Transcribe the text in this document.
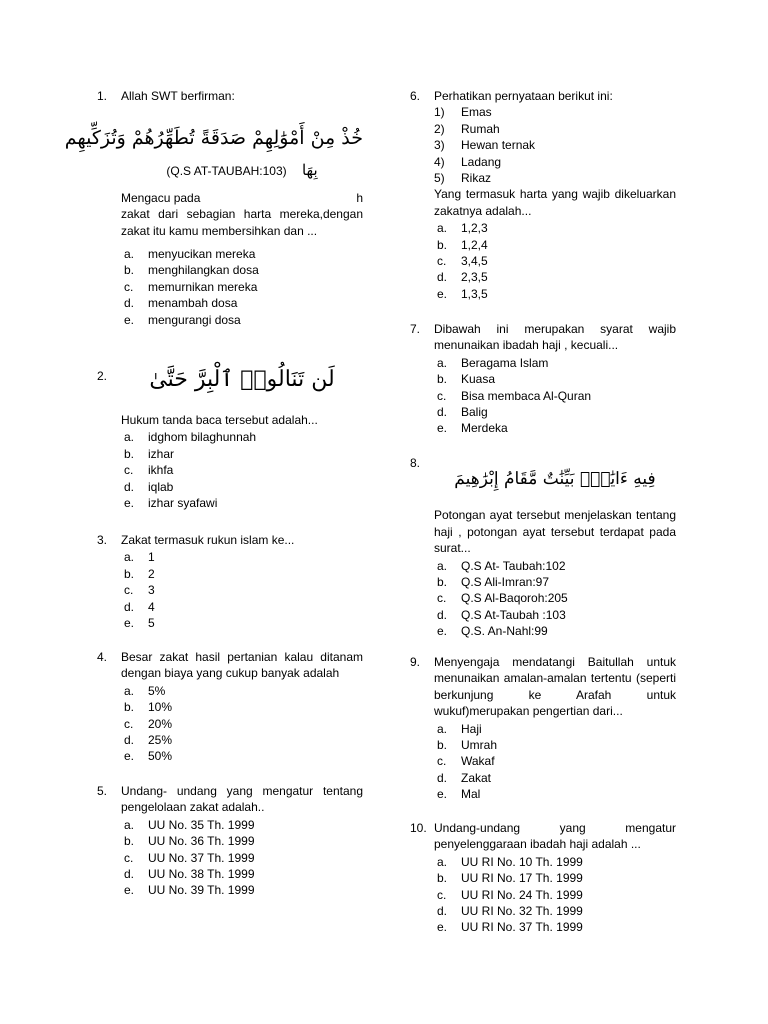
1.	Allah SWT berfirman:
خُذْ مِنْ أَمْوَٰلِهِمْ صَدَقَةً تُطَهِّرُهُمْ وَتُزَكِّيهِم
(Q.S AT-TAUBAH:103) بِهَا
Mengacu pada	h
zakat dari sebagian harta mereka,dengan zakat itu kamu membersihkan dan ...
a.	menyucikan mereka
b.	menghilangkan dosa
c.	memurnikan mereka
d.	menambah dosa
e.	mengurangi dosa
2.	لَن تَنَالُوا۟ ٱلْبِرَّ حَتَّىٰ
Hukum tanda baca tersebut adalah...
a.	idghom bilaghunnah
b.	izhar
c.	ikhfa
d.	iqlab
e.	izhar syafawi
3.	Zakat termasuk rukun islam ke...
a.	1
b.	2
c.	3
d.	4
e.	5
4.	Besar zakat hasil pertanian kalau ditanam dengan biaya yang cukup banyak adalah
a.	5%
b.	10%
c.	20%
d.	25%
e.	50%
5.	Undang- undang yang mengatur tentang pengelolaan zakat adalah..
a.	UU No. 35 Th. 1999
b.	UU No. 36 Th. 1999
c.	UU No. 37 Th. 1999
d.	UU No. 38 Th. 1999
e.	UU No. 39 Th. 1999
6.	Perhatikan pernyataan berikut ini:
1)	Emas
2)	Rumah
3)	Hewan ternak
4)	Ladang
5)	Rikaz
Yang termasuk harta yang wajib dikeluarkan zakatnya adalah...
a.	1,2,3
b.	1,2,4
c.	3,4,5
d.	2,3,5
e.	1,3,5
7.	Dibawah ini merupakan syarat wajib menunaikan ibadah haji , kecuali...
a.	Beragama Islam
b.	Kuasa
c.	Bisa membaca Al-Quran
d.	Balig
e.	Merdeka
8.
فِيهِ ءَايَٰتٌۢ بَيِّنَٰتٌ مَّقَامُ إِبْرَٰهِيمَ
Potongan ayat tersebut menjelaskan tentang haji , potongan ayat tersebut terdapat pada surat...
a.	Q.S At- Taubah:102
b.	Q.S Ali-Imran:97
c.	Q.S Al-Baqoroh:205
d.	Q.S At-Taubah :103
e.	Q.S. An-Nahl:99
9.	Menyengaja mendatangi Baitullah untuk menunaikan amalan-amalan tertentu (seperti berkunjung ke Arafah untuk wukuf)merupakan pengertian dari...
a.	Haji
b.	Umrah
c.	Wakaf
d.	Zakat
e.	Mal
10. Undang-undang yang mengatur penyelenggaraan ibadah haji adalah ...
a.	UU RI No. 10 Th. 1999
b.	UU RI No. 17 Th. 1999
c.	UU RI No. 24 Th. 1999
d.	UU RI No. 32 Th. 1999
e.	UU RI No. 37 Th. 1999
